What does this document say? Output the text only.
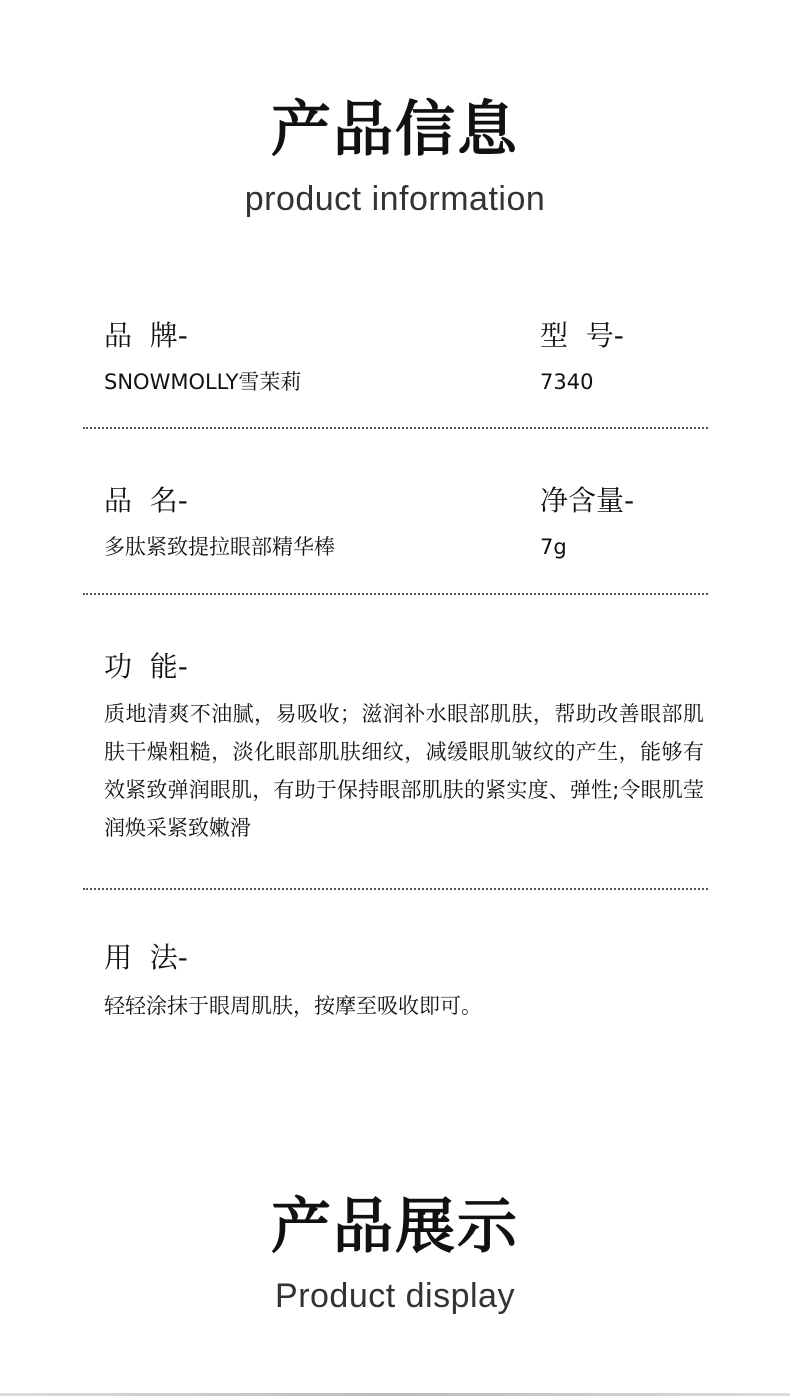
产品信息
product information
品  牌-
SNOWMOLLY雪茉莉
型  号-
7340
品  名-
多肽紧致提拉眼部精华棒
净含量-
7g
功  能-
质地清爽不油腻，易吸收；滋润补水眼部肌肤，帮助改善眼部肌肤干燥粗糙，淡化眼部肌肤细纹，减缓眼肌皱纹的产生，能够有效紧致弹润眼肌，有助于保持眼部肌肤的紧实度、弹性;令眼肌莹润焕采紧致嫩滑
用  法-
轻轻涂抹于眼周肌肤，按摩至吸收即可。
产品展示
Product display
